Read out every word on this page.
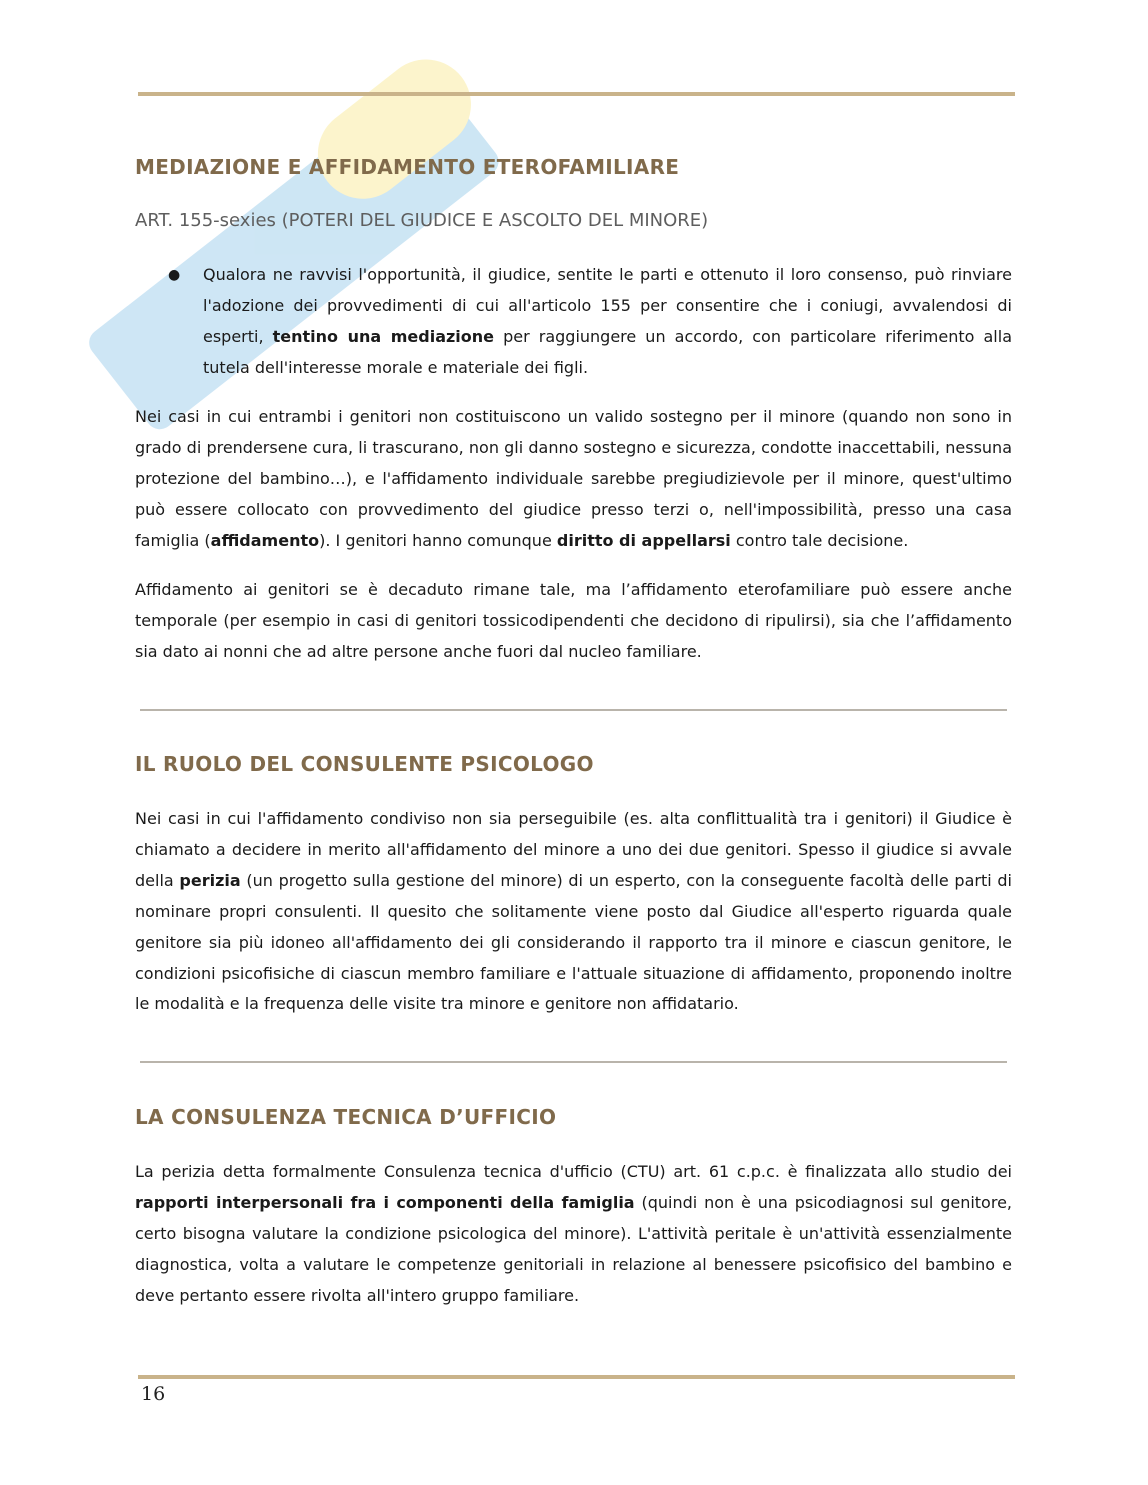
MEDIAZIONE E AFFIDAMENTO ETEROFAMILIARE
ART. 155-sexies (POTERI DEL GIUDICE E ASCOLTO DEL MINORE)
● Qualora ne ravvisi l'opportunità, il giudice, sentite le parti e ottenuto il loro consenso, può rinviare l'adozione dei provvedimenti di cui all'articolo 155 per consentire che i coniugi, avvalendosi di esperti, tentino una mediazione per raggiungere un accordo, con particolare riferimento alla tutela dell'interesse morale e materiale dei figli.

Nei casi in cui entrambi i genitori non costituiscono un valido sostegno per il minore (quando non sono in grado di prendersene cura, li trascurano, non gli danno sostegno e sicurezza, condotte inaccettabili, nessuna protezione del bambino…), e l'affidamento individuale sarebbe pregiudizievole per il minore, quest'ultimo può essere collocato con provvedimento del giudice presso terzi o, nell'impossibilità, presso una casa famiglia (affidamento). I genitori hanno comunque diritto di appellarsi contro tale decisione.

Affidamento ai genitori se è decaduto rimane tale, ma l’affidamento eterofamiliare può essere anche temporale (per esempio in casi di genitori tossicodipendenti che decidono di ripulirsi), sia che l’affidamento sia dato ai nonni che ad altre persone anche fuori dal nucleo familiare.

IL RUOLO DEL CONSULENTE PSICOLOGO

Nei casi in cui l'affidamento condiviso non sia perseguibile (es. alta conflittualità tra i genitori) il Giudice è chiamato a decidere in merito all'affidamento del minore a uno dei due genitori. Spesso il giudice si avvale della perizia (un progetto sulla gestione del minore) di un esperto, con la conseguente facoltà delle parti di nominare propri consulenti. Il quesito che solitamente viene posto dal Giudice all'esperto riguarda quale genitore sia più idoneo all'affidamento dei gli considerando il rapporto tra il minore e ciascun genitore, le condizioni psicofisiche di ciascun membro familiare e l'attuale situazione di affidamento, proponendo inoltre le modalità e la frequenza delle visite tra minore e genitore non affidatario.

LA CONSULENZA TECNICA D’UFFICIO

La perizia detta formalmente Consulenza tecnica d'ufficio (CTU) art. 61 c.p.c. è finalizzata allo studio dei rapporti interpersonali fra i componenti della famiglia (quindi non è una psicodiagnosi sul genitore, certo bisogna valutare la condizione psicologica del minore). L'attività peritale è un'attività essenzialmente diagnostica, volta a valutare le competenze genitoriali in relazione al benessere psicofisico del bambino e deve pertanto essere rivolta all'intero gruppo familiare.

16
